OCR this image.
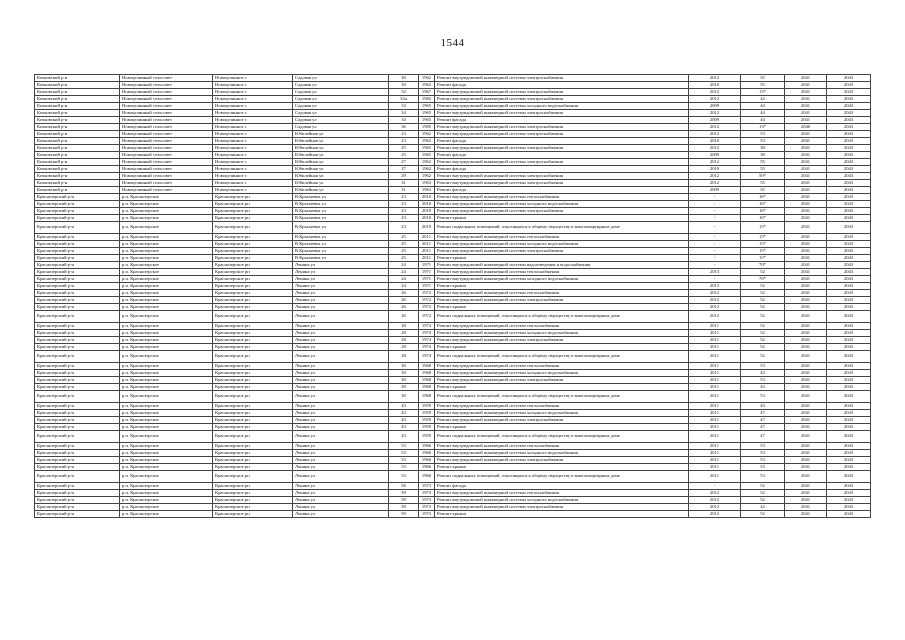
1544
Кочковский р-н	Новоцелинный сельсовет	Новоцелинное с	Садовая ул	30	1962	Ремонт внутридомовой инженерной системы электроснабжения	2012	55	2041	2043
Кочковский р-н	Новоцелинный сельсовет	Новоцелинное с	Садовая ул	30	1962	Ремонт фасада	2010	55	2041	2043
Кочковский р-н	Новоцелинный сельсовет	Новоцелинное с	Садовая ул	32	1967	Ремонт внутридомовой инженерной системы электроснабжения	2012	13*	2041	2043
Кочковский р-н	Новоцелинный сельсовет	Новоцелинное с	Садовая ул	32а	1982	Ремонт внутридомовой инженерной системы электроснабжения	2012	42	2041	2043
Кочковский р-н	Новоцелинный сельсовет	Новоцелинное с	Садовая ул	34	1965	Ремонт внутридомовой инженерной системы холодного водоснабжения	2009	44	2041	2043
Кочковский р-н	Новоцелинный сельсовет	Новоцелинное с	Садовая ул	34	1965	Ремонт внутридомовой инженерной системы электроснабжения	2012	44	2041	2043
Кочковский р-н	Новоцелинный сельсовет	Новоцелинное с	Садовая ул	34	1965	Ремонт фасада	2009	44	2041	2043
Кочковский р-н	Новоцелинный сельсовет	Новоцелинное с	Садовая ул	36	1985	Ремонт внутридомовой инженерной системы электроснабжения	2012	13*	2040	2043
Кочковский р-н	Новоцелинный сельсовет	Новоцелинное с	Юбилейная ул	23	1962	Ремонт внутридомовой инженерной системы электроснабжения	2012	53	2041	2043
Кочковский р-н	Новоцелинный сельсовет	Новоцелинное с	Юбилейная ул	23	1962	Ремонт фасада	2010	53	2041	2043
Кочковский р-н	Новоцелинный сельсовет	Новоцелинное с	Юбилейная ул	25	1965	Ремонт внутридомовой инженерной системы электроснабжения	2012	38	2041	2043
Кочковский р-н	Новоцелинный сельсовет	Новоцелинное с	Юбилейная ул	25	1965	Ремонт фасада	2009	38	2041	2043
Кочковский р-н	Новоцелинный сельсовет	Новоцелинное с	Юбилейная ул	27	1962	Ремонт внутридомовой инженерной системы электроснабжения	2012	55	2041	2043
Кочковский р-н	Новоцелинный сельсовет	Новоцелинное с	Юбилейная ул	27	1962	Ремонт фасада	2010	55	2041	2043
Кочковский р-н	Новоцелинный сельсовет	Новоцелинное с	Юбилейная ул	29	1962	Ремонт внутридомовой инженерной системы электроснабжения	2012	50*	2041	2043
Кочковский р-н	Новоцелинный сельсовет	Новоцелинное с	Юбилейная ул	31	1963	Ремонт внутридомовой инженерной системы электроснабжения	2012	55	2041	2043
Кочковский р-н	Новоцелинный сельсовет	Новоцелинное с	Юбилейная ул	31	1963	Ремонт фасада	2009	55	2041	2043
Краснозерский р-н	р.п. Краснозерское	Краснозерское рп	В.Крылаевка ул	23	2010	Ремонт внутридомовой инженерной системы теплоснабжения	-	16*	2041	2043
Краснозерский р-н	р.п. Краснозерское	Краснозерское рп	В.Крылаевка ул	23	2010	Ремонт внутридомовой инженерной системы холодного водоснабжения	-	16*	2041	2043
Краснозерский р-н	р.п. Краснозерское	Краснозерское рп	В.Крылаевка ул	23	2010	Ремонт внутридомовой инженерной системы электроснабжения	-	16*	2041	2043
Краснозерский р-н	р.п. Краснозерское	Краснозерское рп	В.Крылаевка ул	23	2010	Ремонт крыши	-	16*	2041	2043
Краснозерский р-н	р.п. Краснозерское	Краснозерское рп	В.Крылаевка ул	23	2010	Ремонт подвальных помещений, относящихся к общему имуществу в многоквартирном доме	-	15*	2041	2043
Краснозерский р-н	р.п. Краснозерское	Краснозерское рп	В.Крылаевка ул	25	2011	Ремонт внутридомовой инженерной системы теплоснабжения	-	15*	2041	2043
Краснозерский р-н	р.п. Краснозерское	Краснозерское рп	В.Крылаевка ул	25	2011	Ремонт внутридомовой инженерной системы холодного водоснабжения	-	15*	2041	2043
Краснозерский р-н	р.п. Краснозерское	Краснозерское рп	В.Крылаевка ул	25	2011	Ремонт внутридомовой инженерной системы электроснабжения	-	15*	2041	2043
Краснозерский р-н	р.п. Краснозерское	Краснозерское рп	В.Крылаевка ул	25	2011	Ремонт крыши	-	15*	2041	2043
Краснозерский р-н	р.п. Краснозерское	Краснозерское рп	Ленина ул	24	1971	Ремонт внутридомовой инженерной системы водоотведения и водоснабжения	-	70*	2041	2043
Краснозерский р-н	р.п. Краснозерское	Краснозерское рп	Ленина ул	24	1971	Ремонт внутридомовой инженерной системы теплоснабжения	2013	52	2041	2043
Краснозерский р-н	р.п. Краснозерское	Краснозерское рп	Ленина ул	24	1971	Ремонт внутридомовой инженерной системы холодного водоснабжения	-	70*	2041	2043
Краснозерский р-н	р.п. Краснозерское	Краснозерское рп	Ленина ул	24	1971	Ремонт крыши	2013	52	2041	2043
Краснозерский р-н	р.п. Краснозерское	Краснозерское рп	Ленина ул	26	1972	Ремонт внутридомовой инженерной системы теплоснабжения	2012	52	2041	2043
Краснозерский р-н	р.п. Краснозерское	Краснозерское рп	Ленина ул	26	1972	Ремонт внутридомовой инженерной системы электроснабжения	2012	52	2041	2043
Краснозерский р-н	р.п. Краснозерское	Краснозерское рп	Ленина ул	26	1972	Ремонт крыши	2012	52	2041	2043
Краснозерский р-н	р.п. Краснозерское	Краснозерское рп	Ленина ул	26	1972	Ремонт подвальных помещений, относящихся к общему имуществу в многоквартирном доме	2012	52	2041	2043
Краснозерский р-н	р.п. Краснозерское	Краснозерское рп	Ленина ул	28	1974	Ремонт внутридомовой инженерной системы теплоснабжения	2011	52	2041	2043
Краснозерский р-н	р.п. Краснозерское	Краснозерское рп	Ленина ул	28	1974	Ремонт внутридомовой инженерной системы холодного водоснабжения	2011	52	2041	2043
Краснозерский р-н	р.п. Краснозерское	Краснозерское рп	Ленина ул	28	1974	Ремонт внутридомовой инженерной системы электроснабжения	2011	52	2041	2043
Краснозерский р-н	р.п. Краснозерское	Краснозерское рп	Ленина ул	28	1974	Ремонт крыши	2011	52	2041	2043
Краснозерский р-н	р.п. Краснозерское	Краснозерское рп	Ленина ул	28	1974	Ремонт подвальных помещений, относящихся к общему имуществу в многоквартирном доме	2011	52	2041	2043
Краснозерский р-н	р.п. Краснозерское	Краснозерское рп	Ленина ул	30	1968	Ремонт внутридомовой инженерной системы теплоснабжения	2011	53	2041	2043
Краснозерский р-н	р.п. Краснозерское	Краснозерское рп	Ленина ул	30	1968	Ремонт внутридомовой инженерной системы холодного водоснабжения	2011	43	2041	2043
Краснозерский р-н	р.п. Краснозерское	Краснозерское рп	Ленина ул	30	1968	Ремонт внутридомовой инженерной системы электроснабжения	2011	53	2041	2043
Краснозерский р-н	р.п. Краснозерское	Краснозерское рп	Ленина ул	30	1968	Ремонт крыши	2011	43	2041	2043
Краснозерский р-н	р.п. Краснозерское	Краснозерское рп	Ленина ул	30	1968	Ремонт подвальных помещений, относящихся к общему имуществу в многоквартирном доме	2011	53	2041	2043
Краснозерский р-н	р.п. Краснозерское	Краснозерское рп	Ленина ул	43	1959	Ремонт внутридомовой инженерной системы теплоснабжения	2011	43	2041	2043
Краснозерский р-н	р.п. Краснозерское	Краснозерское рп	Ленина ул	43	1959	Ремонт внутридомовой инженерной системы холодного водоснабжения	2011	47	2041	2043
Краснозерский р-н	р.п. Краснозерское	Краснозерское рп	Ленина ул	43	1959	Ремонт внутридомовой инженерной системы электроснабжения	2011	47	2041	2043
Краснозерский р-н	р.п. Краснозерское	Краснозерское рп	Ленина ул	43	1959	Ремонт крыши	2011	47	2041	2043
Краснозерский р-н	р.п. Краснозерское	Краснозерское рп	Ленина ул	43	1959	Ремонт подвальных помещений, относящихся к общему имуществу в многоквартирном доме	2011	47	2041	2043
Краснозерский р-н	р.п. Краснозерское	Краснозерское рп	Ленина ул	53	1966	Ремонт внутридомовой инженерной системы теплоснабжения	2011	53	2041	2043
Краснозерский р-н	р.п. Краснозерское	Краснозерское рп	Ленина ул	53	1966	Ремонт внутридомовой инженерной системы холодного водоснабжения	2011	53	2041	2043
Краснозерский р-н	р.п. Краснозерское	Краснозерское рп	Ленина ул	53	1966	Ремонт внутридомовой инженерной системы электроснабжения	2011	53	2041	2043
Краснозерский р-н	р.п. Краснозерское	Краснозерское рп	Ленина ул	53	1966	Ремонт крыши	2011	53	2041	2043
Краснозерский р-н	р.п. Краснозерское	Краснозерское рп	Ленина ул	53	1966	Ремонт подвальных помещений, относящихся к общему имуществу в многоквартирном доме	2011	53	2041	2043
Краснозерский р-н	р.п. Краснозерское	Краснозерское рп	Ленина ул	56	1973	Ремонт фасада	-	52	2041	2043
Краснозерский р-н	р.п. Краснозерское	Краснозерское рп	Ленина ул	59	1973	Ремонт внутридомовой инженерной системы теплоснабжения	2012	52	2041	2043
Краснозерский р-н	р.п. Краснозерское	Краснозерское рп	Ленина ул	59	1973	Ремонт внутридомовой инженерной системы холодного водоснабжения	2012	52	2041	2043
Краснозерский р-н	р.п. Краснозерское	Краснозерское рп	Ленина ул	59	1973	Ремонт внутридомовой инженерной системы электроснабжения	2012	42	2041	2043
Краснозерский р-н	р.п. Краснозерское	Краснозерское рп	Ленина ул	59	1973	Ремонт крыши	2012	52	2041	2043
